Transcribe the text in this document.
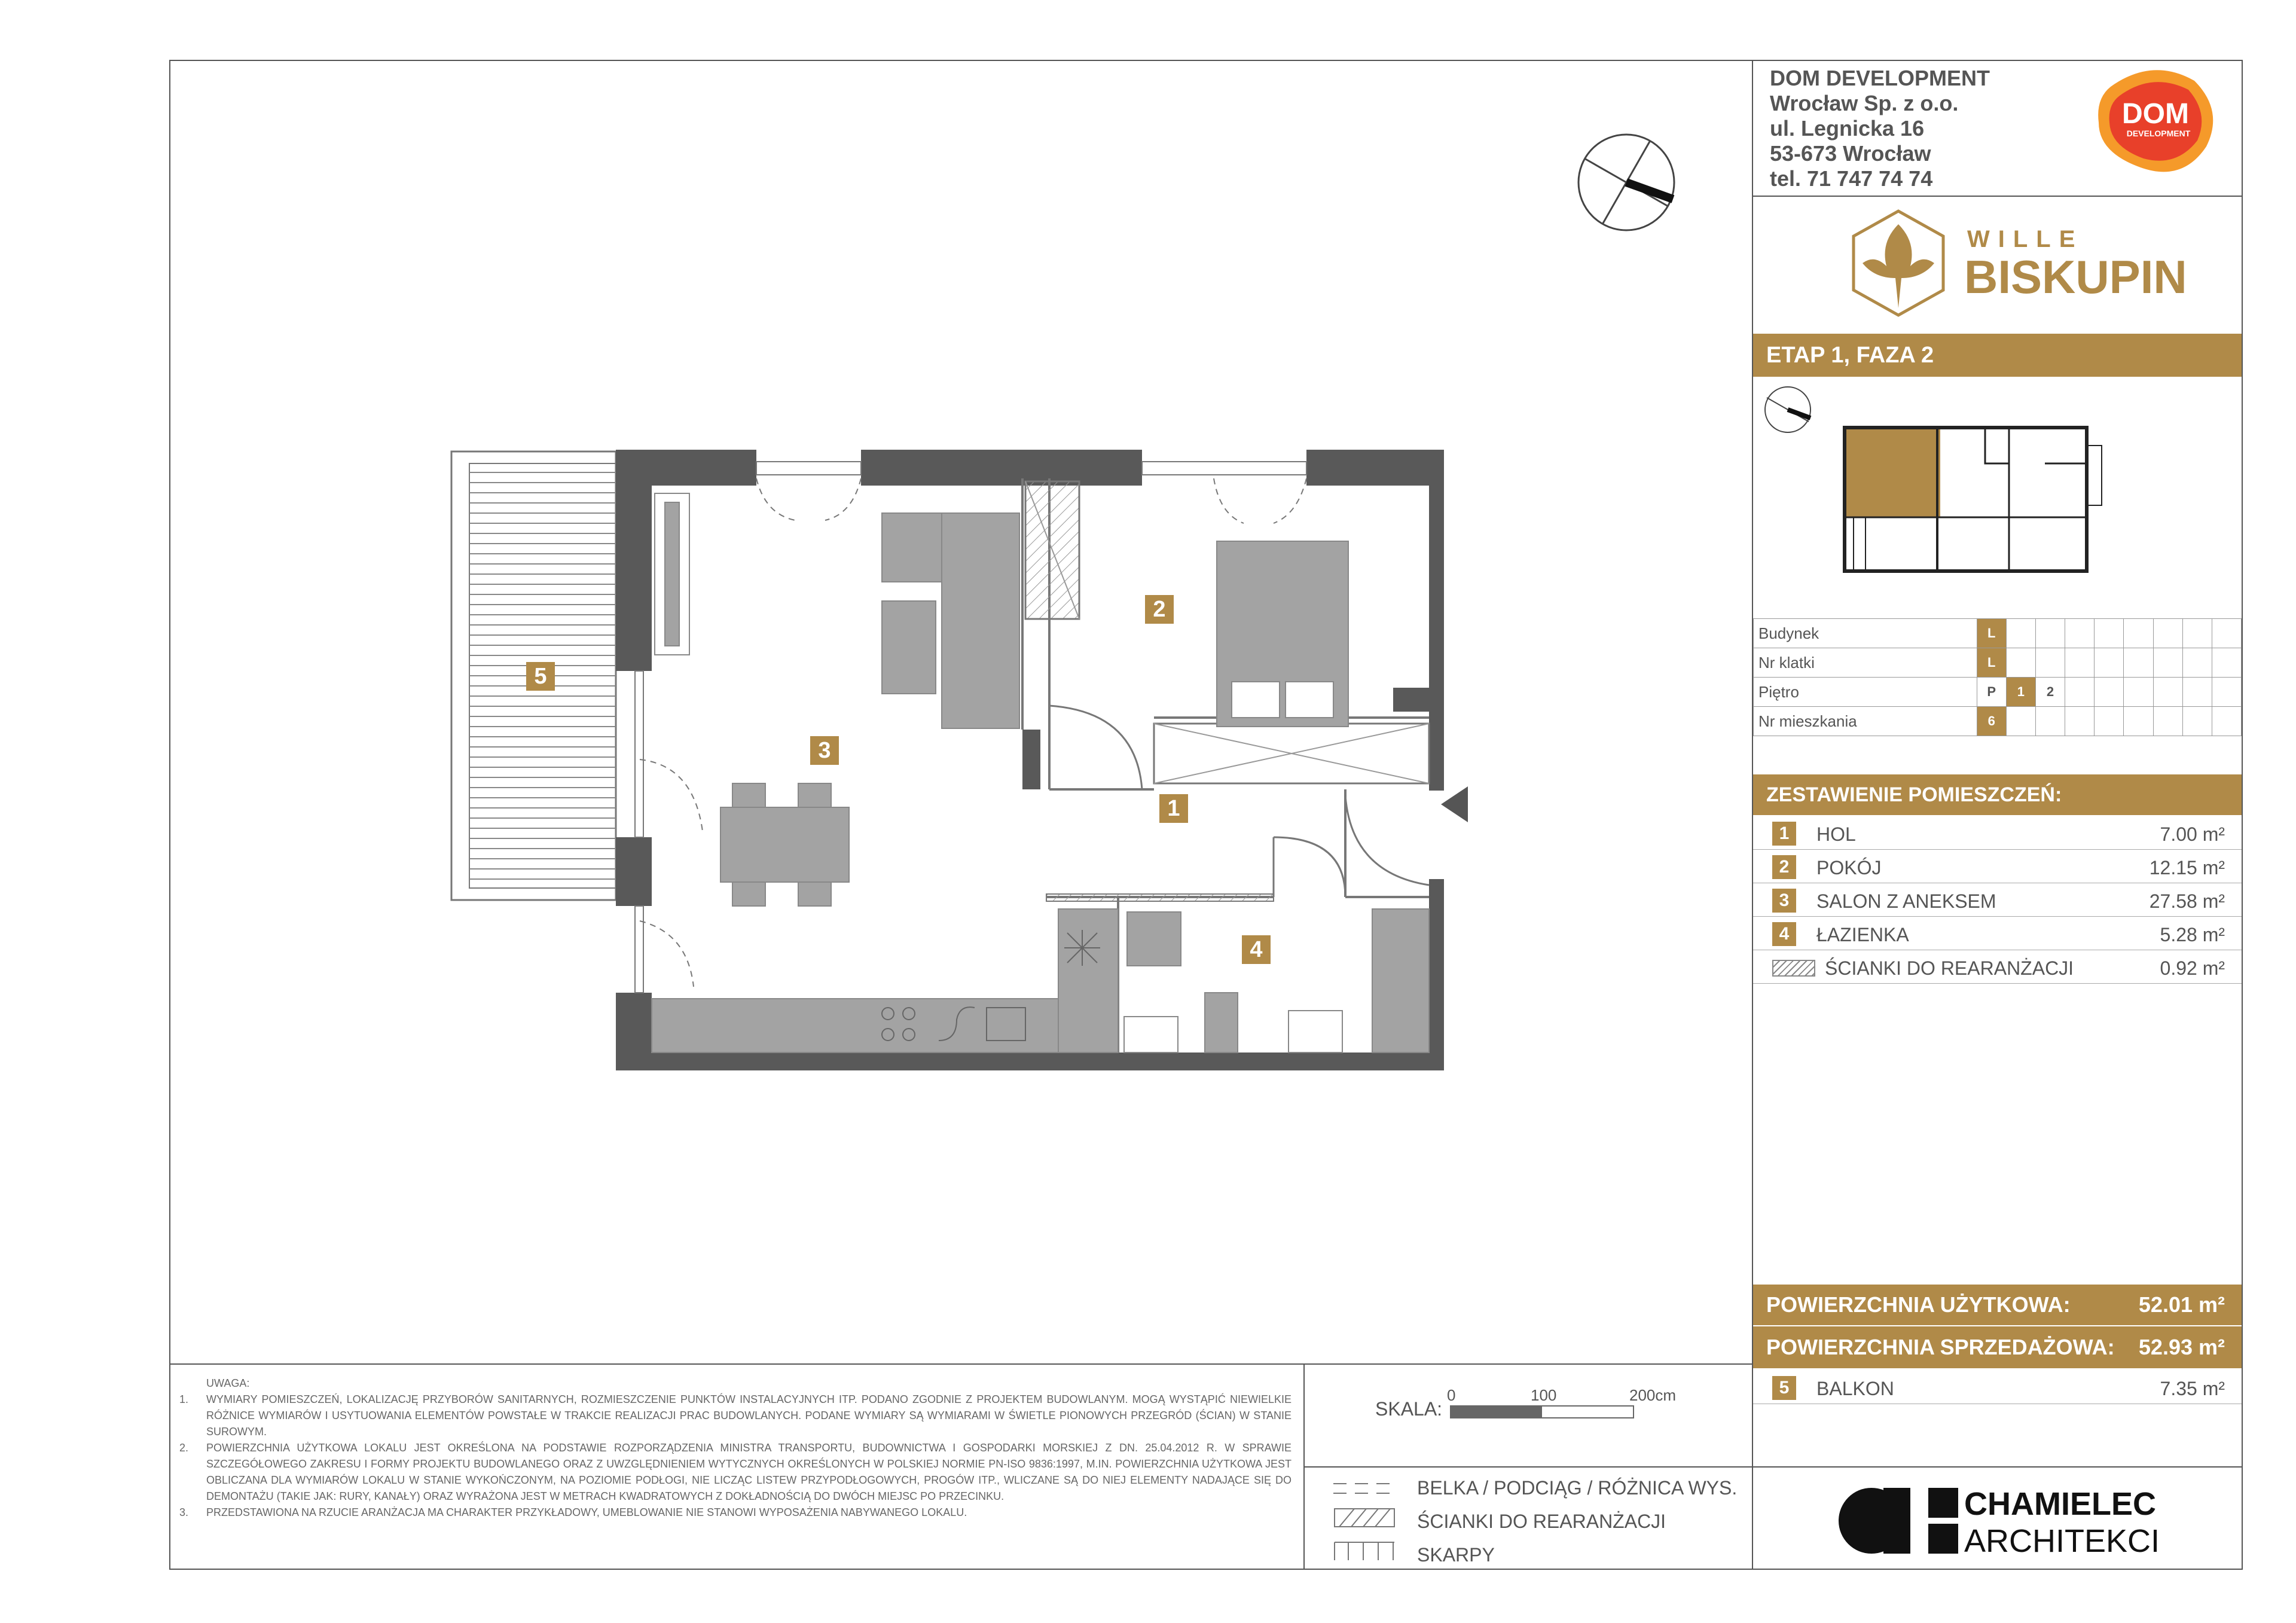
DOM DEVELOPMENT
Wrocław Sp. z o.o.
ul. Legnicka 16
53-673 Wrocław
tel. 71 747 74 74
DOM
DEVELOPMENT
WILLE
BISKUPIN
ETAP 1, FAZA 2
Budynek	L								
Nr klatki	L								
Piętro	P	1	2						
Nr mieszkania	6								
ZESTAWIENIE POMIESZCZEŃ:
1	HOL	7.00 m²
2	POKÓJ	12.15 m²
3	SALON Z ANEKSEM	27.58 m²
4	ŁAZIENKA	5.28 m²
ŚCIANKI DO REARANŻACJI	0.92 m²
POWIERZCHNIA UŻYTKOWA:	52.01 m²
POWIERZCHNIA SPRZEDAŻOWA: 52.93 m²
5	BALKON	7.35 m²
CHAMIELEC
ARCHITEKCI
SKALA:
0	100	200cm
BELKA / PODCIĄG / RÓŻNICA WYS.
ŚCIANKI DO REARANŻACJI
SKARPY
UWAGA:
1.	WYMIARY POMIESZCZEŃ, LOKALIZACJĘ PRZYBORÓW SANITARNYCH, ROZMIESZCZENIE PUNKTÓW INSTALACYJNYCH ITP. PODANO ZGODNIE Z PROJEKTEM BUDOWLANYM. MOGĄ WYSTĄPIĆ NIEWIELKIE RÓŻNICE WYMIARÓW I USYTUOWANIA ELEMENTÓW POWSTAŁE W TRAKCIE REALIZACJI PRAC BUDOWLANYCH. PODANE WYMIARY SĄ WYMIARAMI W ŚWIETLE PIONOWYCH PRZEGRÓD (ŚCIAN) W STANIE SUROWYM.
2.	POWIERZCHNIA UŻYTKOWA LOKALU JEST OKREŚLONA NA PODSTAWIE ROZPORZĄDZENIA MINISTRA TRANSPORTU, BUDOWNICTWA I GOSPODARKI MORSKIEJ Z DN. 25.04.2012 R. W SPRAWIE SZCZEGÓŁOWEGO ZAKRESU I FORMY PROJEKTU BUDOWLANEGO ORAZ Z UWZGLĘDNIENIEM WYTYCZNYCH OKREŚLONYCH W POLSKIEJ NORMIE PN-ISO 9836:1997, M.IN. POWIERZCHNIA UŻYTKOWA JEST OBLICZANA DLA WYMIARÓW LOKALU W STANIE WYKOŃCZONYM, NA POZIOMIE PODŁOGI, NIE LICZĄC LISTEW PRZYPODŁOGOWYCH, PROGÓW ITP., WLICZANE SĄ DO NIEJ ELEMENTY NADAJĄCE SIĘ DO DEMONTAŻU (TAKIE JAK: RURY, KANAŁY) ORAZ WYRAŻONA JEST W METRACH KWADRATOWYCH Z DOKŁADNOŚCIĄ DO DWÓCH MIEJSC PO PRZECINKU.
3.	PRZEDSTAWIONA NA RZUCIE ARANŻACJA MA CHARAKTER PRZYKŁADOWY, UMEBLOWANIE NIE STANOWI WYPOSAŻENIA NABYWANEGO LOKALU.
1
2
3
4
5
